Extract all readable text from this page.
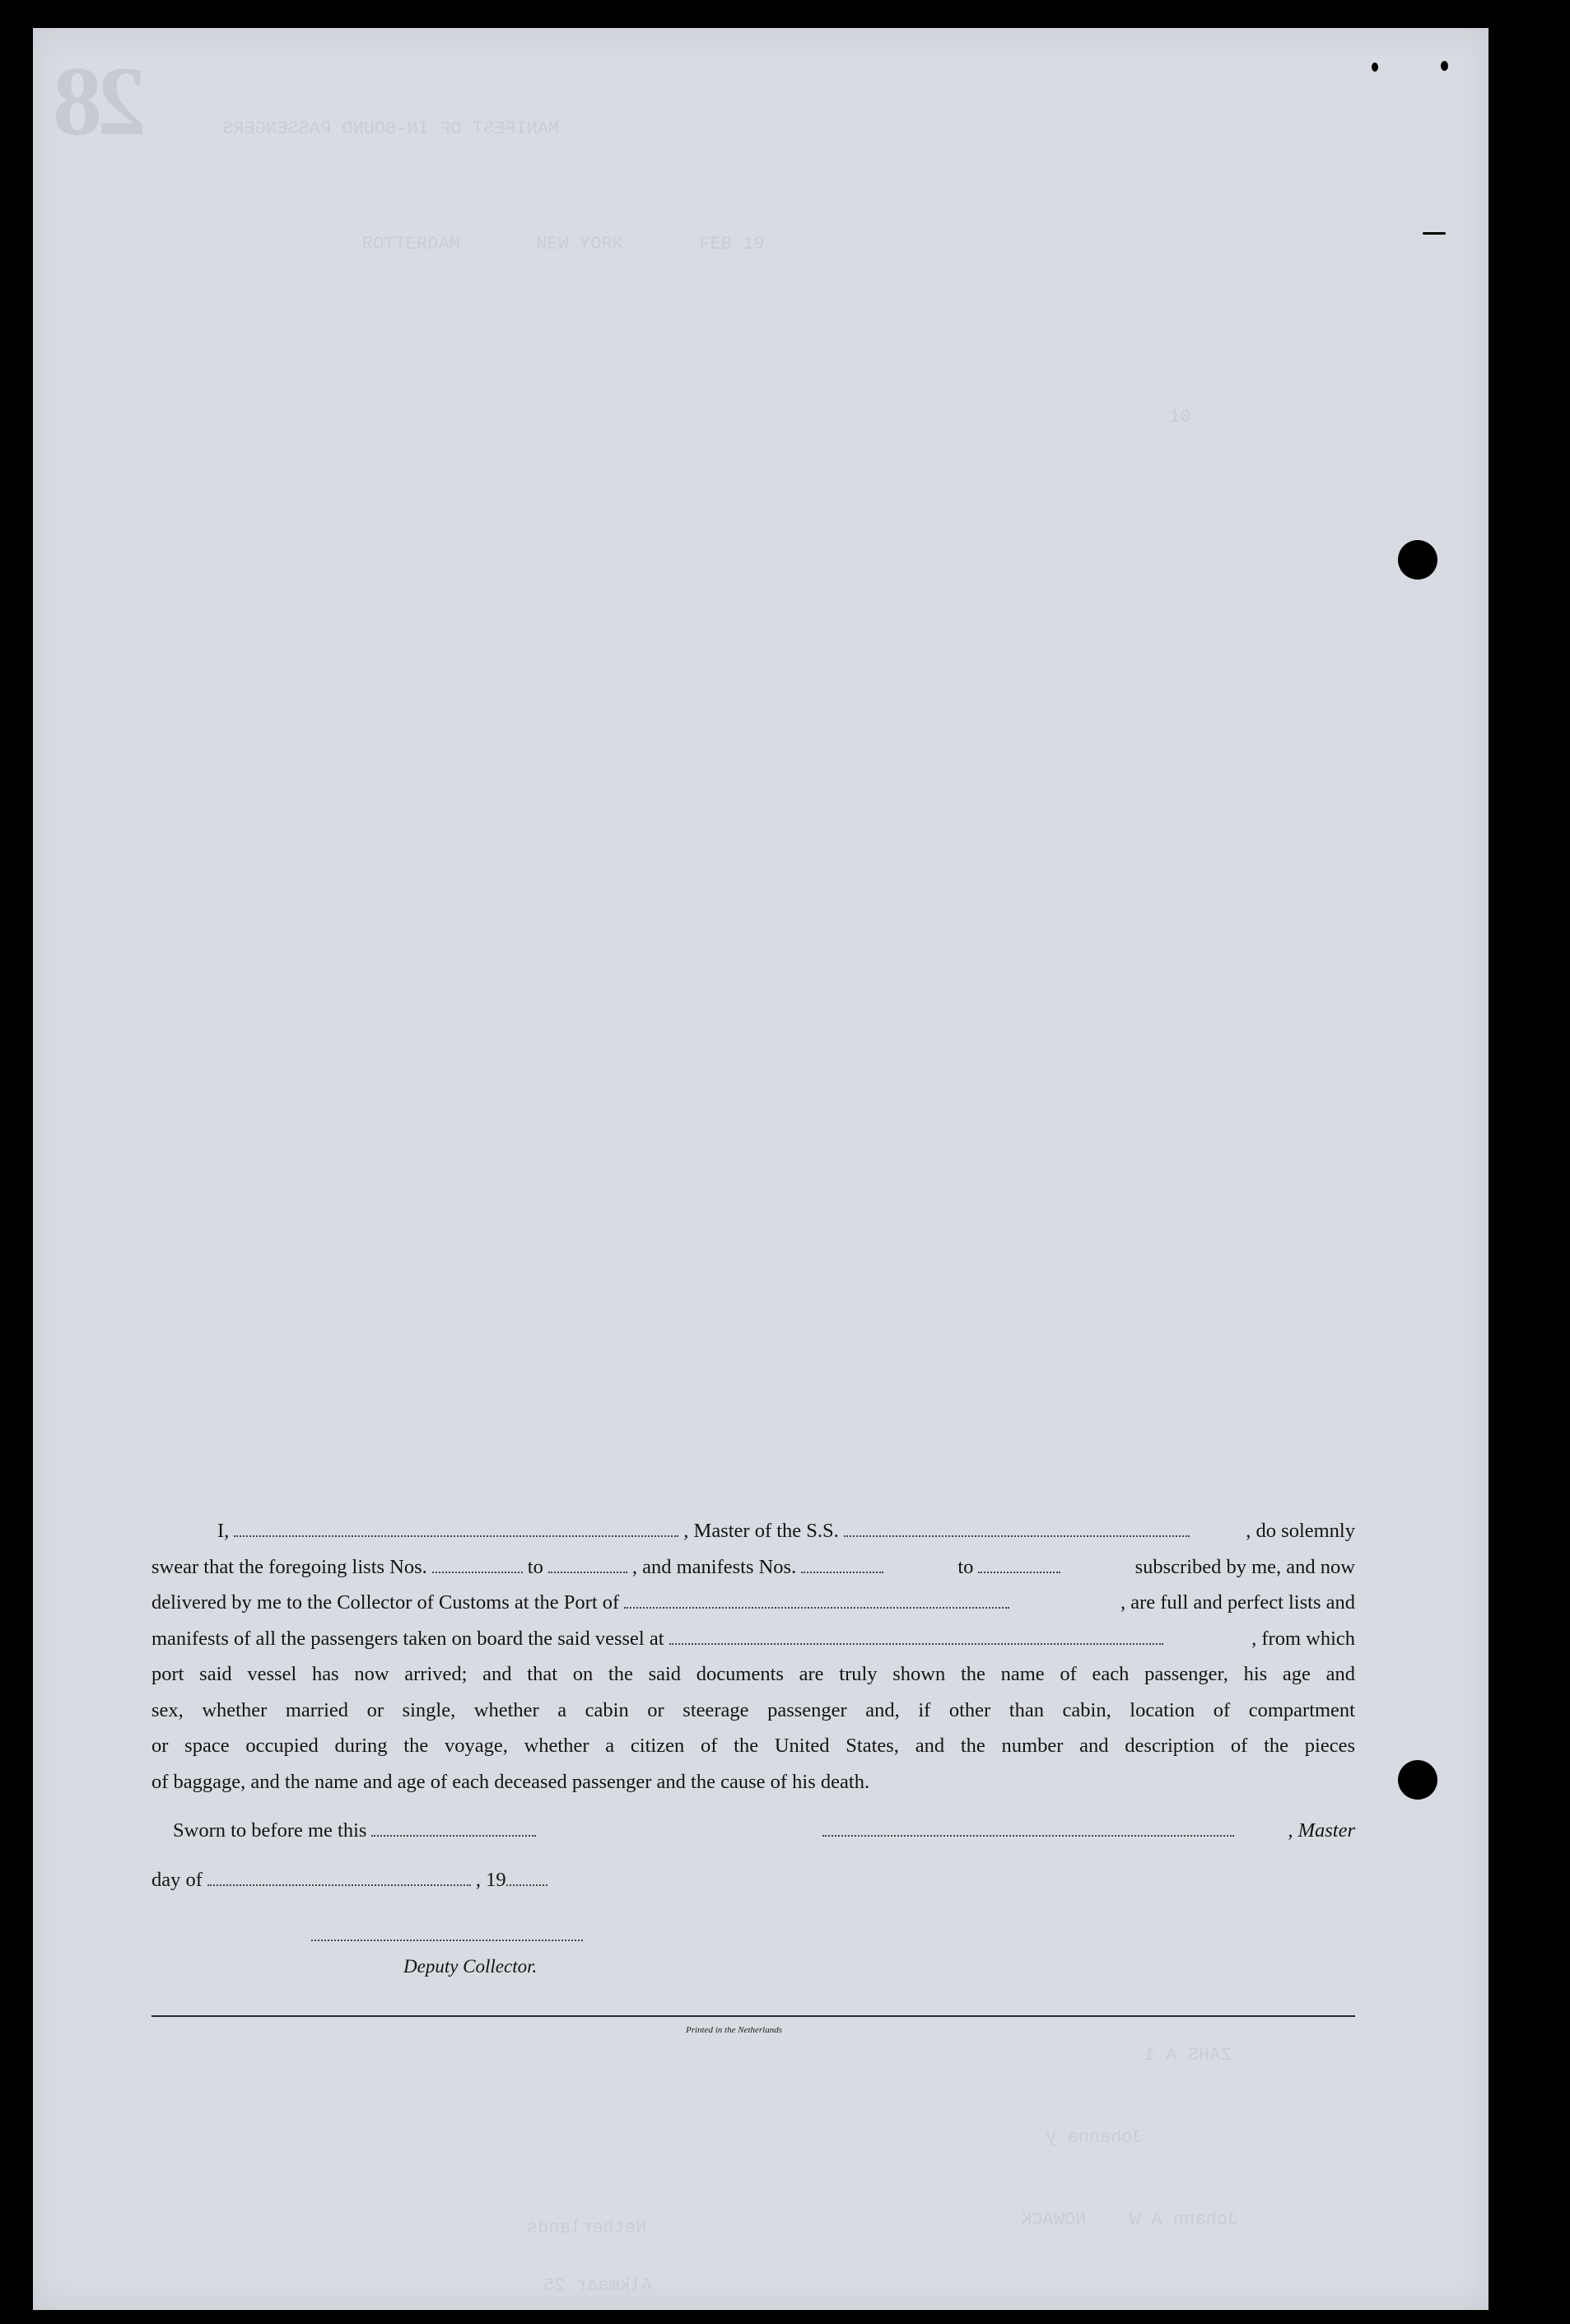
28	MANIFEST OF IN-BOUND PASSENGERS
ROTTERDAM       NEW YORK       FEB 19
10
ZAHS A 1
Johanna y
Johann A W    NOWACK
Netherlands
Alkmaar 25
I,	, Master of the S.S.	, do solemnly
swear that the foregoing lists Nos.	to	, and manifests Nos.	to	subscribed by me, and now
delivered by me to the Collector of Customs at the Port of	, are full and perfect lists and
manifests of all the passengers taken on board the said vessel at	, from which
port said vessel has now arrived; and that on the said documents are truly shown the name of each passenger, his age and
sex, whether married or single, whether a cabin or steerage passenger and, if other than cabin, location of compartment
or space occupied during the voyage, whether a citizen of the United States, and the number and description of the pieces
of baggage, and the name and age of each deceased passenger and the cause of his death.
Sworn to before me this	, Master
day of	, 19
Deputy Collector.
Printed in the Netherlands
